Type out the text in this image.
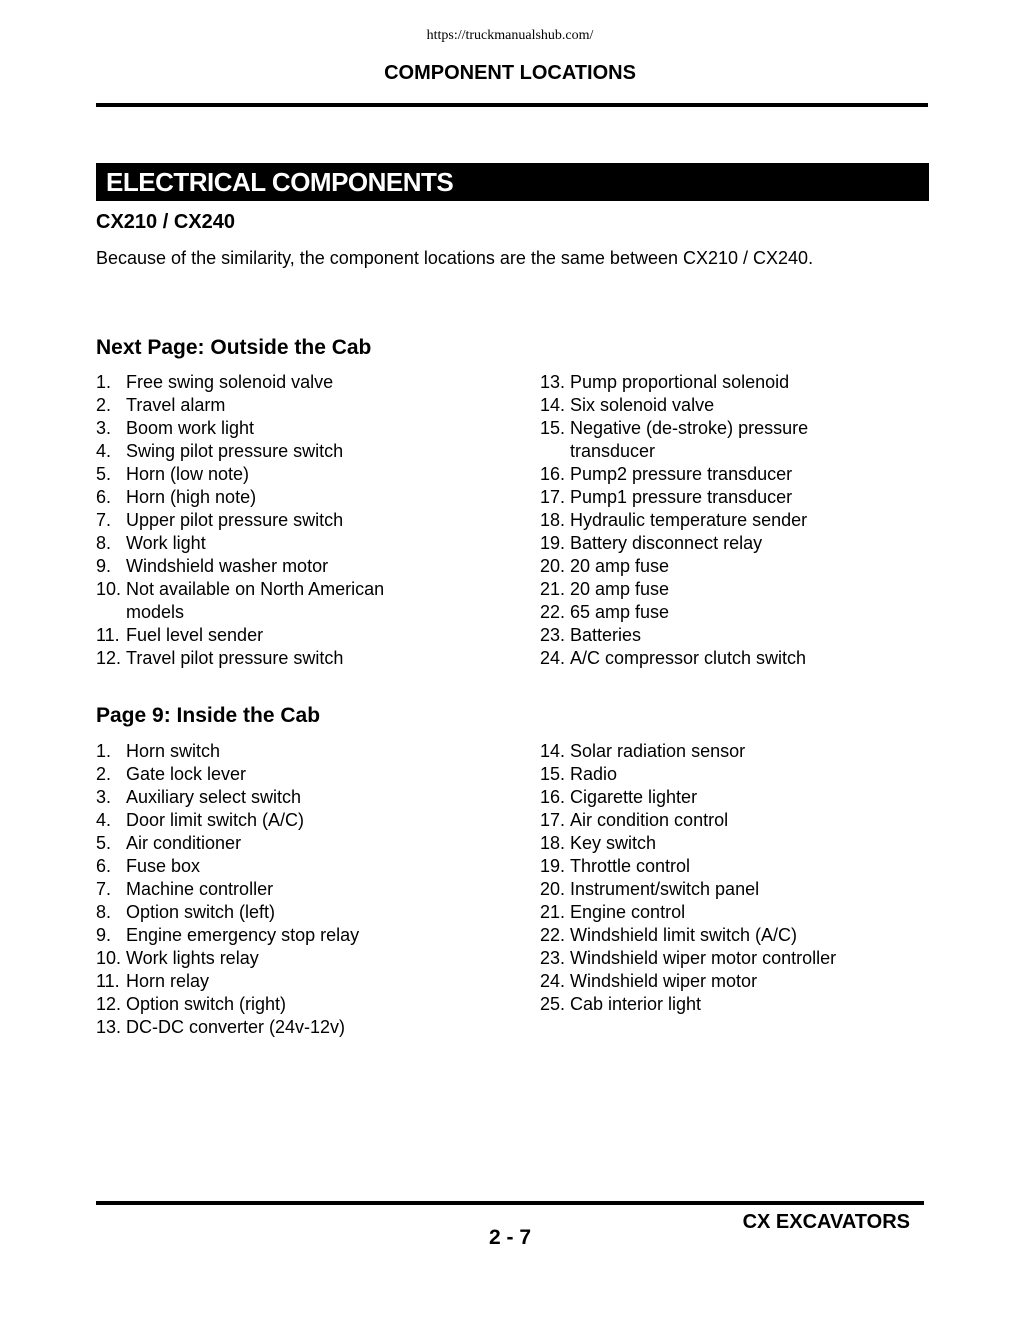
https://truckmanualshub.com/
COMPONENT LOCATIONS
ELECTRICAL COMPONENTS
CX210 / CX240
Because of the similarity, the component locations are the same between CX210 / CX240.
Next Page: Outside the Cab
1. Free swing solenoid valve
2. Travel alarm
3. Boom work light
4. Swing pilot pressure switch
5. Horn (low note)
6. Horn (high note)
7. Upper pilot pressure switch
8. Work light
9. Windshield washer motor
10. Not available on North American models
11. Fuel level sender
12. Travel pilot pressure switch
13. Pump proportional solenoid
14. Six solenoid valve
15. Negative (de-stroke) pressure transducer
16. Pump2 pressure transducer
17. Pump1 pressure transducer
18. Hydraulic temperature sender
19. Battery disconnect relay
20. 20 amp fuse
21. 20 amp fuse
22. 65 amp fuse
23. Batteries
24. A/C compressor clutch switch
Page 9: Inside the Cab
1. Horn switch
2. Gate lock lever
3. Auxiliary select switch
4. Door limit switch (A/C)
5. Air conditioner
6. Fuse box
7. Machine controller
8. Option switch (left)
9. Engine emergency stop relay
10. Work lights relay
11. Horn relay
12. Option switch (right)
13. DC-DC converter (24v-12v)
14. Solar radiation sensor
15. Radio
16. Cigarette lighter
17. Air condition control
18. Key switch
19. Throttle control
20. Instrument/switch panel
21. Engine control
22. Windshield limit switch (A/C)
23. Windshield wiper motor controller
24. Windshield wiper motor
25. Cab interior light
CX EXCAVATORS
2 - 7
